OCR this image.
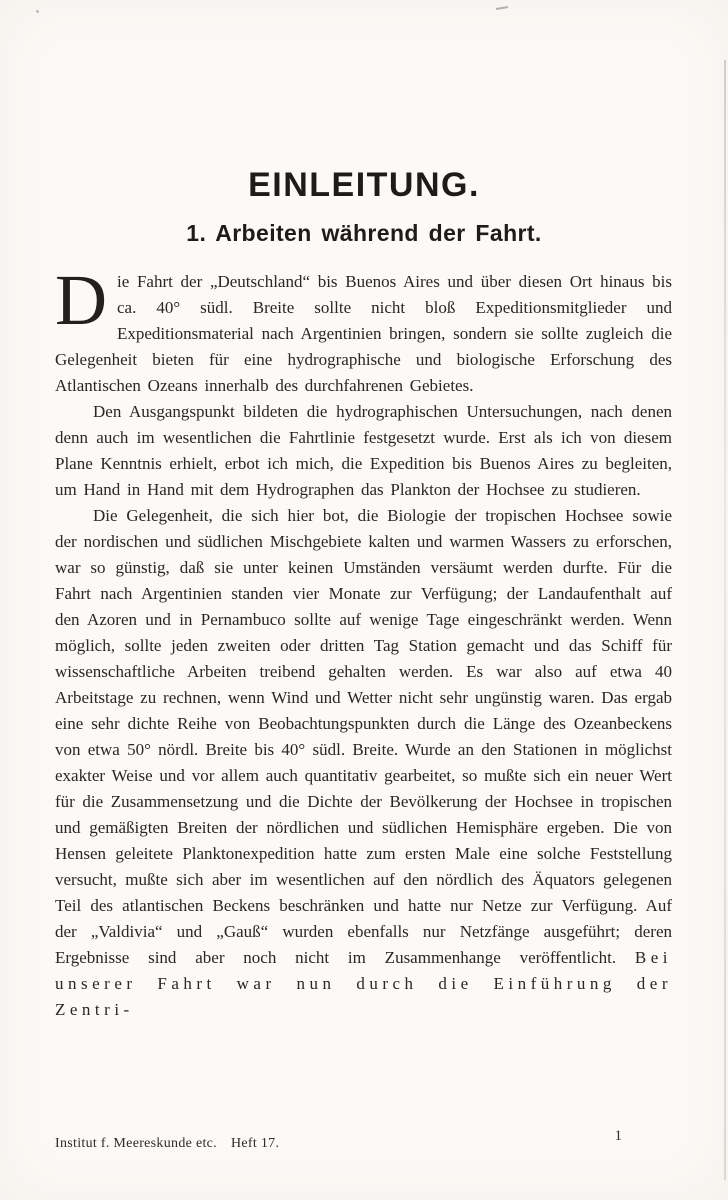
EINLEITUNG.
1. Arbeiten während der Fahrt.

Die Fahrt der „Deutschland“ bis Buenos Aires und über diesen Ort hinaus bis ca. 40° südl. Breite sollte nicht bloß Expeditionsmitglieder und Expeditionsmaterial nach Argentinien bringen, sondern sie sollte zugleich die Gelegenheit bieten für eine hydrographische und biologische Erforschung des Atlantischen Ozeans innerhalb des durchfahrenen Gebietes.

Den Ausgangspunkt bildeten die hydrographischen Untersuchungen, nach denen denn auch im wesentlichen die Fahrtlinie festgesetzt wurde. Erst als ich von diesem Plane Kenntnis erhielt, erbot ich mich, die Expedition bis Buenos Aires zu begleiten, um Hand in Hand mit dem Hydrographen das Plankton der Hochsee zu studieren.

Die Gelegenheit, die sich hier bot, die Biologie der tropischen Hochsee sowie der nordischen und südlichen Mischgebiete kalten und warmen Wassers zu erforschen, war so günstig, daß sie unter keinen Umständen versäumt werden durfte. Für die Fahrt nach Argentinien standen vier Monate zur Verfügung; der Landaufenthalt auf den Azoren und in Pernambuco sollte auf wenige Tage eingeschränkt werden. Wenn möglich, sollte jeden zweiten oder dritten Tag Station gemacht und das Schiff für wissenschaftliche Arbeiten treibend gehalten werden. Es war also auf etwa 40 Arbeitstage zu rechnen, wenn Wind und Wetter nicht sehr ungünstig waren. Das ergab eine sehr dichte Reihe von Beobachtungspunkten durch die Länge des Ozeanbeckens von etwa 50° nördl. Breite bis 40° südl. Breite. Wurde an den Stationen in möglichst exakter Weise und vor allem auch quantitativ gearbeitet, so mußte sich ein neuer Wert für die Zusammensetzung und die Dichte der Bevölkerung der Hochsee in tropischen und gemäßigten Breiten der nördlichen und südlichen Hemisphäre ergeben. Die von Hensen geleitete Planktonexpedition hatte zum ersten Male eine solche Feststellung versucht, mußte sich aber im wesentlichen auf den nördlich des Äquators gelegenen Teil des atlantischen Beckens beschränken und hatte nur Netze zur Verfügung. Auf der „Valdivia“ und „Gauß“ wurden ebenfalls nur Netzfänge ausgeführt; deren Ergebnisse sind aber noch nicht im Zusammenhange veröffentlicht. Bei unserer Fahrt war nun durch die Einführung der Zentri-

Institut f. Meereskunde etc. Heft 17.	1
